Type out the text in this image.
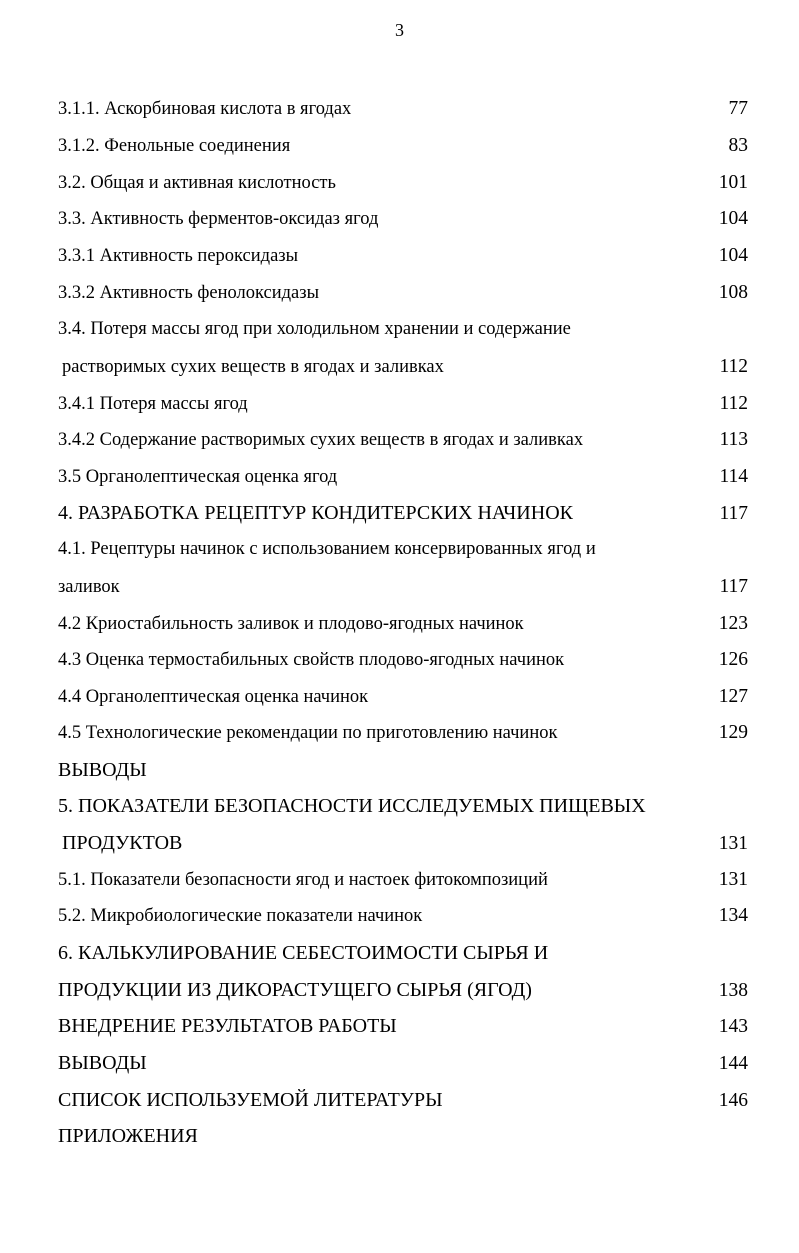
3
3.1.1. Аскорбиновая кислота в ягодах	77
3.1.2. Фенольные соединения	83
3.2. Общая и активная кислотность	101
3.3. Активность ферментов-оксидаз ягод	104
3.3.1 Активность пероксидазы	104
3.3.2 Активность фенолоксидазы	108
3.4. Потеря массы ягод при холодильном хранении и содержание
растворимых сухих веществ в ягодах и заливках	112
3.4.1 Потеря массы ягод	112
3.4.2 Содержание растворимых сухих веществ в ягодах и заливках	113
3.5 Органолептическая оценка ягод	114
4. РАЗРАБОТКА РЕЦЕПТУР КОНДИТЕРСКИХ НАЧИНОК	117
4.1. Рецептуры начинок с использованием консервированных ягод и
заливок	117
4.2 Криостабильность заливок и плодово-ягодных начинок	123
4.3 Оценка термостабильных свойств плодово-ягодных начинок	126
4.4 Органолептическая оценка начинок	127
4.5 Технологические рекомендации по приготовлению начинок	129
ВЫВОДЫ
5. ПОКАЗАТЕЛИ БЕЗОПАСНОСТИ ИССЛЕДУЕМЫХ ПИЩЕВЫХ
ПРОДУКТОВ	131
5.1. Показатели безопасности ягод и настоек фитокомпозиций	131
5.2. Микробиологические показатели начинок	134
6. КАЛЬКУЛИРОВАНИЕ СЕБЕСТОИМОСТИ СЫРЬЯ И
ПРОДУКЦИИ ИЗ ДИКОРАСТУЩЕГО СЫРЬЯ (ЯГОД)	138
ВНЕДРЕНИЕ РЕЗУЛЬТАТОВ РАБОТЫ	143
ВЫВОДЫ	144
СПИСОК ИСПОЛЬЗУЕМОЙ ЛИТЕРАТУРЫ	146
ПРИЛОЖЕНИЯ
